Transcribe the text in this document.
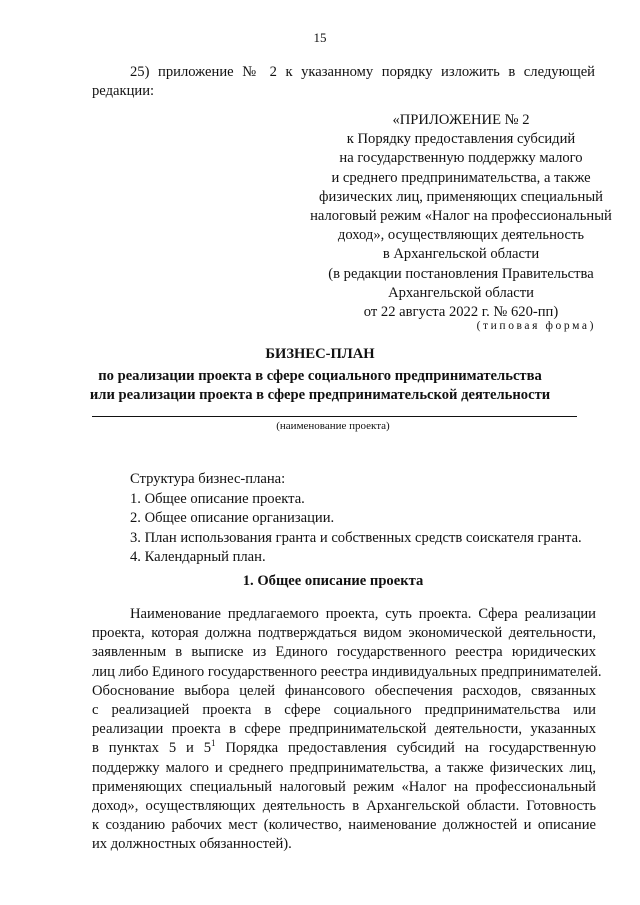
15
25) приложение № 2 к указанному порядку изложить в следующей
редакции:
«ПРИЛОЖЕНИЕ № 2
к Порядку предоставления субсидий
на государственную поддержку малого
и среднего предпринимательства, а также
физических лиц, применяющих специальный
налоговый режим «Налог на профессиональный
доход», осуществляющих деятельность
в Архангельской области
(в редакции постановления Правительства
Архангельской области
от 22 августа 2022 г. № 620-пп)
(типовая форма)
БИЗНЕС-ПЛАН
по реализации проекта в сфере социального предпринимательства
или реализации проекта в сфере предпринимательской деятельности
(наименование проекта)
Структура бизнес-плана:
1. Общее описание проекта.
2. Общее описание организации.
3. План использования гранта и собственных средств соискателя гранта.
4. Календарный план.
1. Общее описание проекта
Наименование предлагаемого проекта, суть проекта. Сфера реализации
проекта, которая должна подтверждаться видом экономической деятельности,
заявленным в выписке из Единого государственного реестра юридических
лиц либо Единого государственного реестра индивидуальных предпринимателей.
Обоснование выбора целей финансового обеспечения расходов, связанных
с реализацией проекта в сфере социального предпринимательства или
реализации проекта в сфере предпринимательской деятельности, указанных
в пунктах 5 и $5^1$ Порядка предоставления субсидий на государственную
поддержку малого и среднего предпринимательства, а также физических лиц,
применяющих специальный налоговый режим «Налог на профессиональный
доход», осуществляющих деятельность в Архангельской области. Готовность
к созданию рабочих мест (количество, наименование должностей и описание
их должностных обязанностей).
